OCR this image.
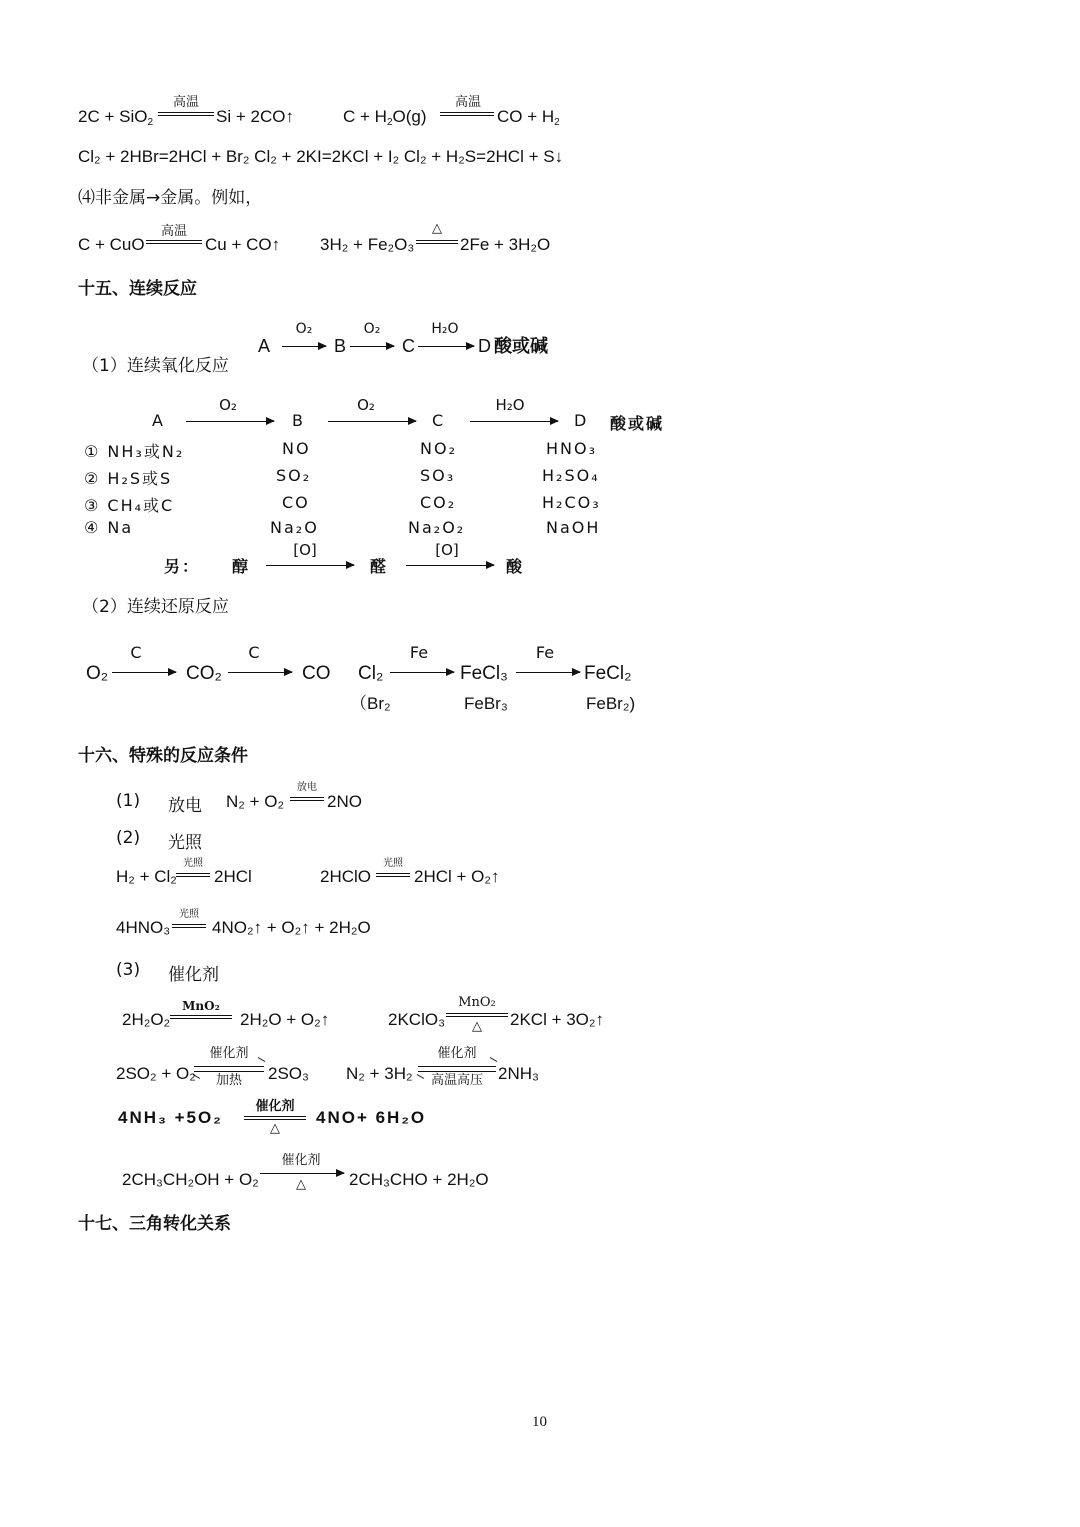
2C + SiO$_2$
高温
Si + 2CO↑	$C + H_2O(g)$
高温
CO + $H_2$
Cl₂ + 2HBr=2HCl + Br₂ Cl₂ + 2KI=2KCl + I₂ Cl₂ + H₂S=2HCl + S↓
⑷非金属→金属。例如，
C + CuO
高温
Cu + CO↑ 3H₂ + Fe₂O₃
△
2Fe + 3H₂O
十五、连续反应
（1）连续氧化反应
A
O₂
B
O₂
C
H₂O
D 酸或碱
A
O₂
B
O₂
C
H₂O
D 酸或碱
① NH₃或N₂	NO	NO₂	HNO₃
② H₂S或S	SO₂	SO₃	H₂SO₄
③ CH₄或C	CO	CO₂	H₂CO₃
④ Na	Na₂O	Na₂O₂	NaOH
另： 醇
[O]
醛
[O]
酸
（2）连续还原反应
O₂
C
CO₂
C
CO Cl₂
（Br₂
Fe
FeCl₃
FeBr₃
Fe
FeCl₂
FeBr₂)
十六、特殊的反应条件
(1) 放电 N₂ + O₂
放电
2NO
(2) 光照
H₂ + Cl₂
光照
2HCl	2HClO
光照
2HCl + O₂↑
4HNO₃
光照
4NO₂↑ + O₂↑ + 2H₂O
(3) 催化剂
2H₂O₂
MnO₂
2H₂O + O₂↑	2KClO₃
MnO₂
△	2KCl + 3O₂↑
2SO₂ + O₂
催化剂
加热	2SO₃ N₂ + 3H₂
催化剂
高温高压 2NH₃
4NH₃ +5O₂
催化剂
△
4NO+ 6H₂O
2CH₃CH₂OH + O₂
催化剂
△	2CH₃CHO + 2H₂O
十七、三角转化关系
10
